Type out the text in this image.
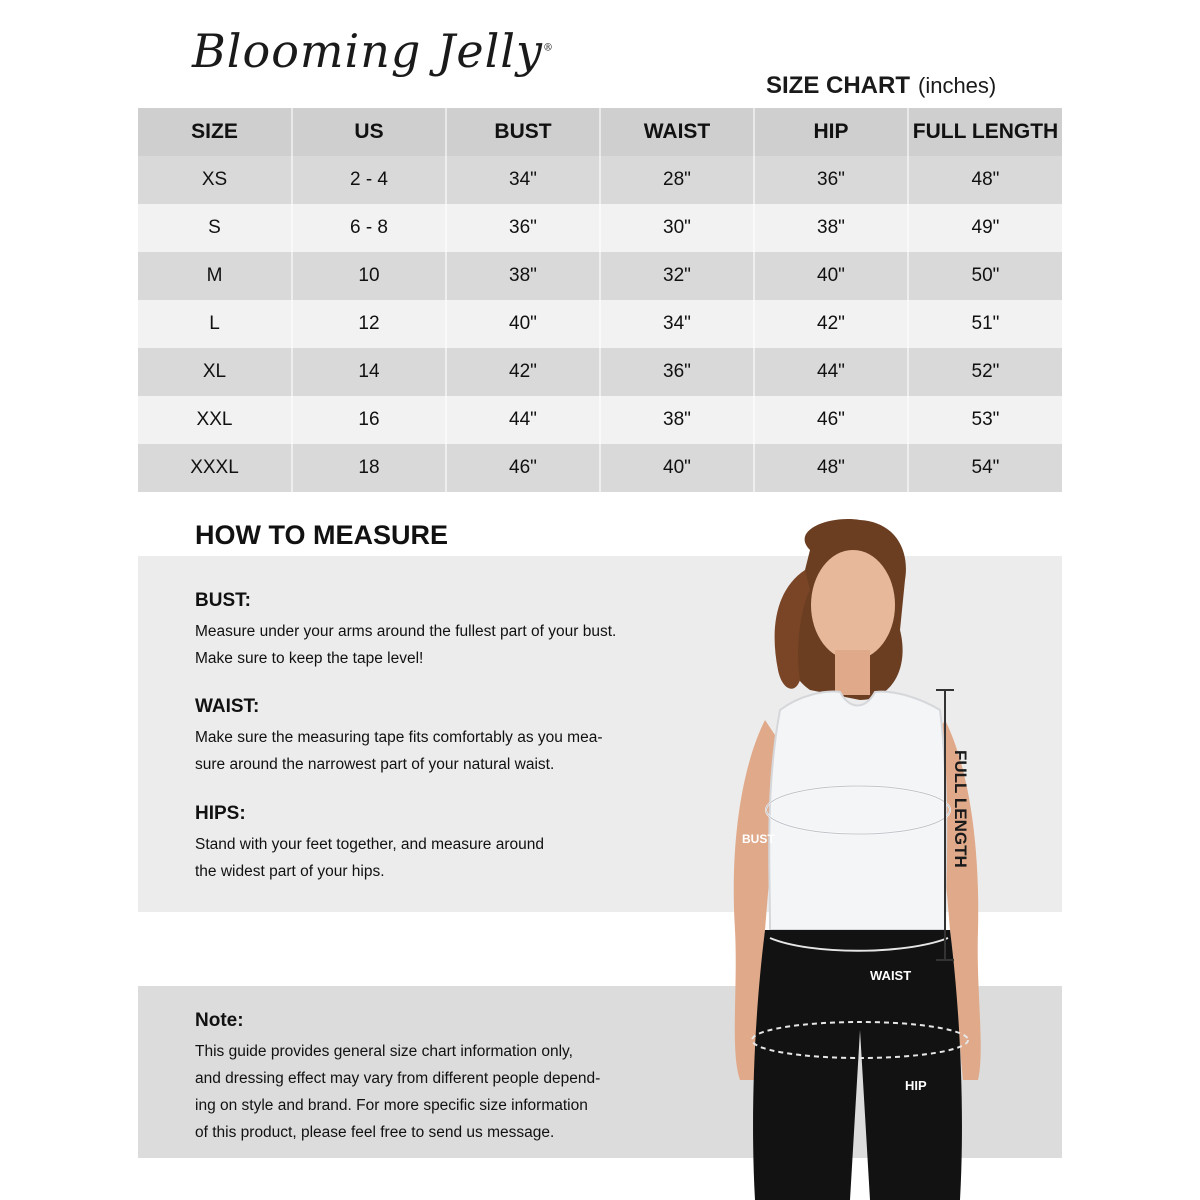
Blooming Jelly®
SIZE CHART (inches)
SIZE	US	BUST	WAIST	HIP	FULL LENGTH
XS	2 - 4	34"	28"	36"	48"
S	6 - 8	36"	30"	38"	49"
M	10	38"	32"	40"	50"
L	12	40"	34"	42"	51"
XL	14	42"	36"	44"	52"
XXL	16	44"	38"	46"	53"
XXXL	18	46"	40"	48"	54"
HOW TO MEASURE
BUST:
Measure under your arms around the fullest part of your bust.
Make sure to keep the tape level!
WAIST:
Make sure the measuring tape fits comfortably as you mea-
sure around the narrowest part of your natural waist.
HIPS:
Stand with your feet together, and measure around
the widest part of your hips.
Note:
This guide provides general size chart information only,
and dressing effect may vary from different people depend-
ing on style and brand. For more specific size information
of this product, please feel free to send us message.
FULL LENGTH
BUST
WAIST
HIP
